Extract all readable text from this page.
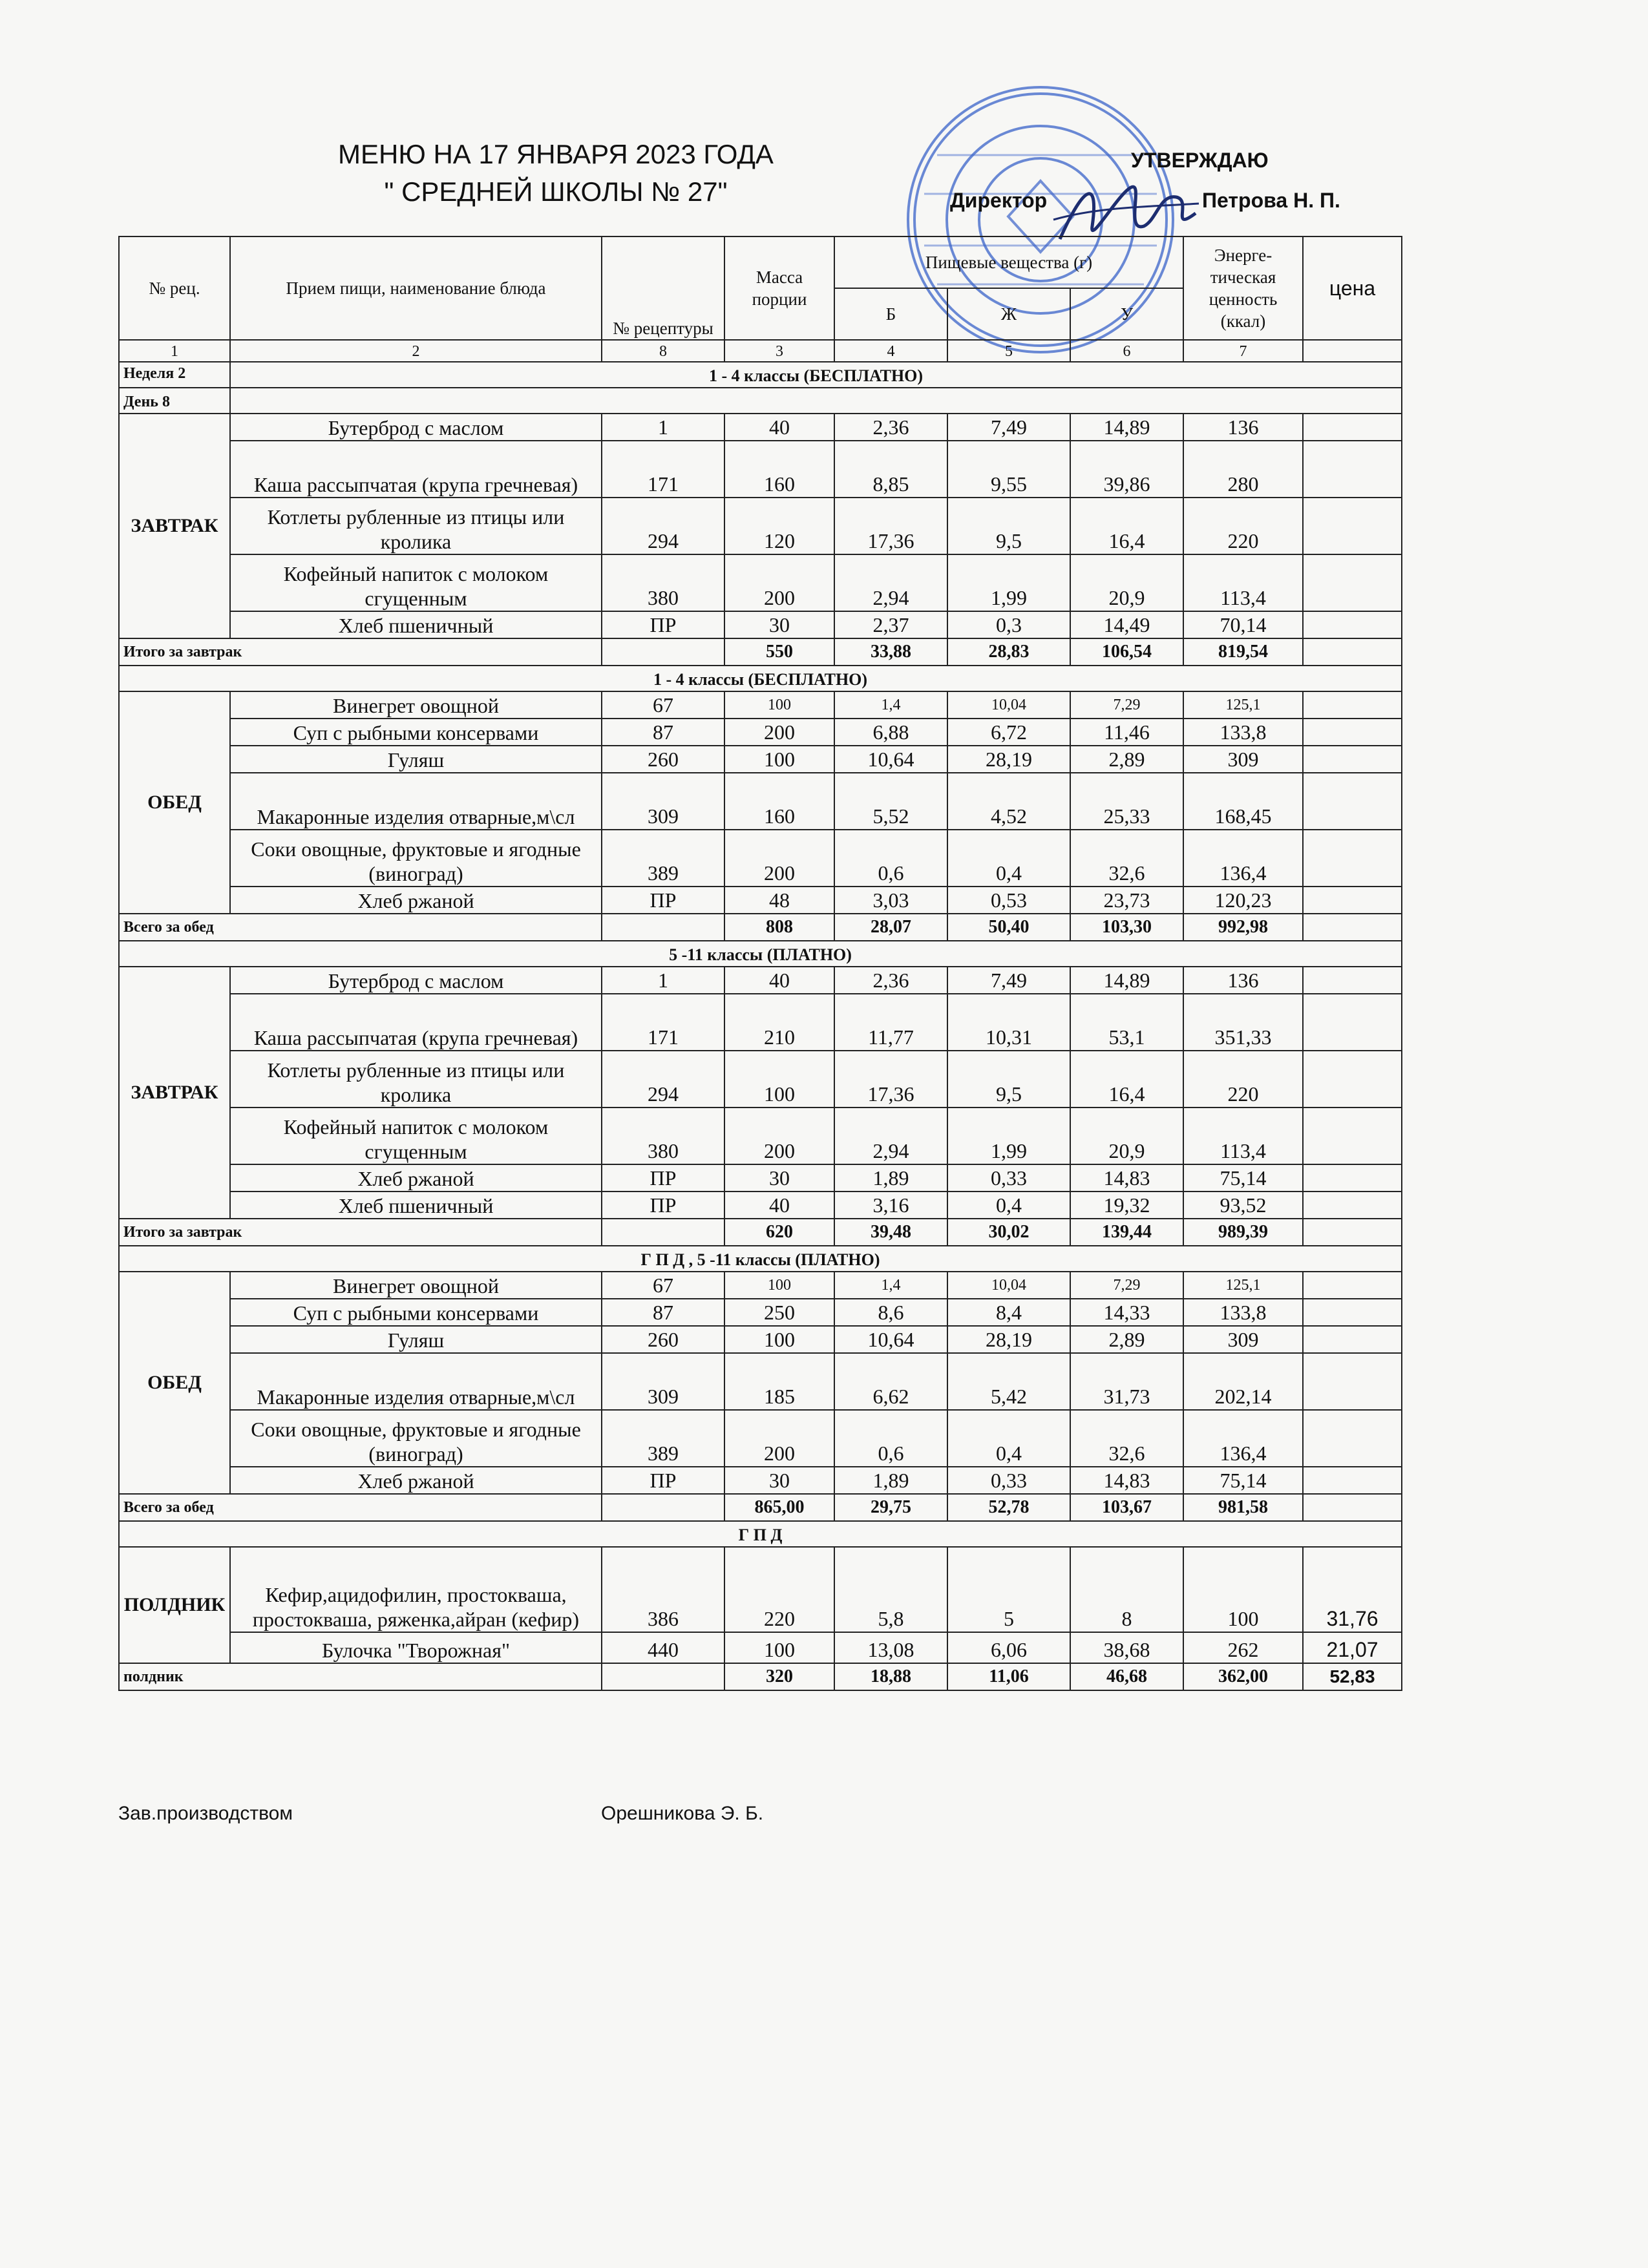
МЕНЮ НА 17 ЯНВАРЯ 2023 ГОДА
" СРЕДНЕЙ ШКОЛЫ № 27"
УТВЕРЖДАЮ
Директор	Петрова Н. П.
№ рец.	Прием пищи, наименование блюда	№ рецептуры	Масса порции	Пищевые вещества (г)			Энерге- тическая ценность (ккал)	цена
				Б	Ж	У		
1	2	8	3	4	5	6	7	
Неделя 2	1 - 4 классы (БЕСПЛАТНО)							
День 8								
ЗАВТРАК	Бутерброд с маслом	1	40	2,36	7,49	14,89	136	
	Каша рассыпчатая (крупа гречневая)	171	160	8,85	9,55	39,86	280	
	Котлеты рубленные из птицы или кролика	294	120	17,36	9,5	16,4	220	
	Кофейный напиток с молоком сгущенным	380	200	2,94	1,99	20,9	113,4	
	Хлеб пшеничный	ПР	30	2,37	0,3	14,49	70,14	
Итого за завтрак			550	33,88	28,83	106,54	819,54	
1 - 4 классы (БЕСПЛАТНО)								
ОБЕД	Винегрет овощной	67	100	1,4	10,04	7,29	125,1	
	Суп с рыбными консервами	87	200	6,88	6,72	11,46	133,8	
	Гуляш	260	100	10,64	28,19	2,89	309	
	Макаронные изделия отварные,м\сл	309	160	5,52	4,52	25,33	168,45	
	Соки овощные, фруктовые и ягодные (виноград)	389	200	0,6	0,4	32,6	136,4	
	Хлеб ржаной	ПР	48	3,03	0,53	23,73	120,23	
Всего за обед			808	28,07	50,40	103,30	992,98	
5 -11 классы (ПЛАТНО)								
ЗАВТРАК	Бутерброд с маслом	1	40	2,36	7,49	14,89	136	
	Каша рассыпчатая (крупа гречневая)	171	210	11,77	10,31	53,1	351,33	
	Котлеты рубленные из птицы или кролика	294	100	17,36	9,5	16,4	220	
	Кофейный напиток с молоком сгущенным	380	200	2,94	1,99	20,9	113,4	
	Хлеб ржаной	ПР	30	1,89	0,33	14,83	75,14	
	Хлеб пшеничный	ПР	40	3,16	0,4	19,32	93,52	
Итого за завтрак			620	39,48	30,02	139,44	989,39	
Г П Д , 5 -11 классы (ПЛАТНО)								
ОБЕД	Винегрет овощной	67	100	1,4	10,04	7,29	125,1	
	Суп с рыбными консервами	87	250	8,6	8,4	14,33	133,8	
	Гуляш	260	100	10,64	28,19	2,89	309	
	Макаронные изделия отварные,м\сл	309	185	6,62	5,42	31,73	202,14	
	Соки овощные, фруктовые и ягодные (виноград)	389	200	0,6	0,4	32,6	136,4	
	Хлеб ржаной	ПР	30	1,89	0,33	14,83	75,14	
Всего за обед			865,00	29,75	52,78	103,67	981,58	
Г П Д								
ПОЛДНИК	Кефир,ацидофилин, простокваша, простокваша, ряженка,айран (кефир)	386	220	5,8	5	8	100	31,76
	Булочка "Творожная"	440	100	13,08	6,06	38,68	262	21,07
полдник			320	18,88	11,06	46,68	362,00	52,83
Зав.производством	Орешникова Э. Б.
